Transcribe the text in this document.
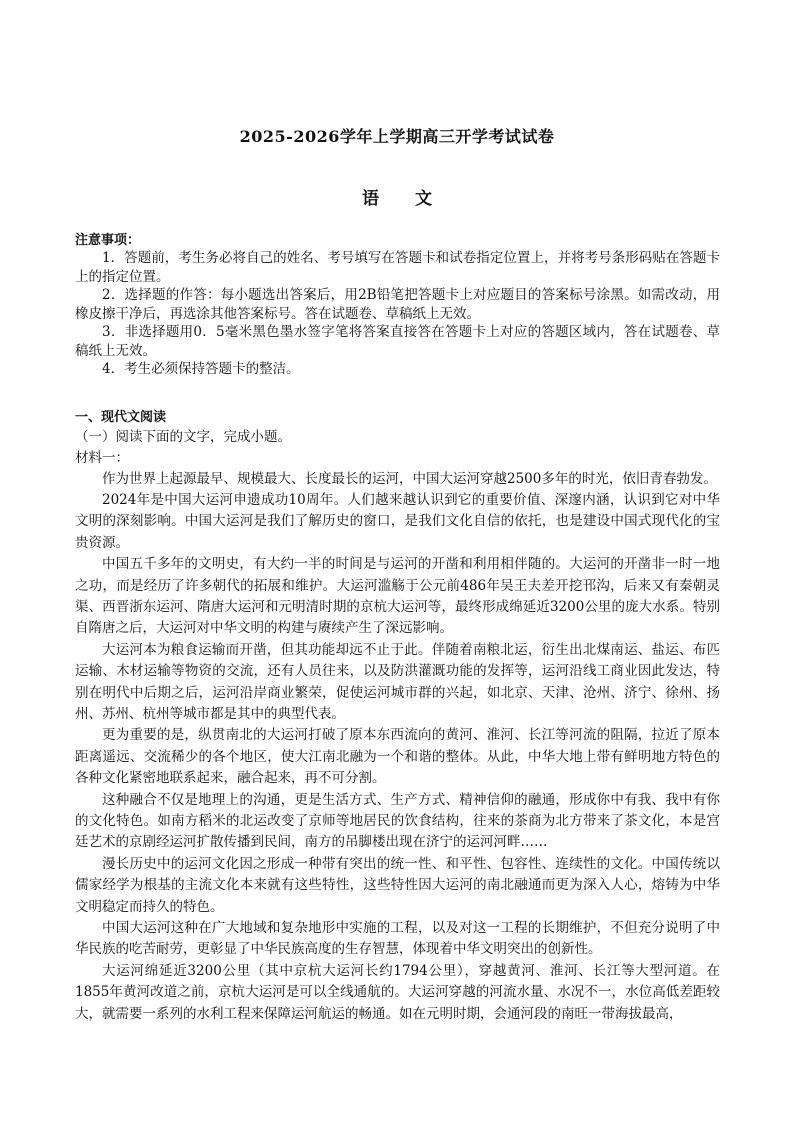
2025-2026学年上学期高三开学考试试卷
语文

注意事项：

1．答题前，考生务必将自己的姓名、考号填写在答题卡和试卷指定位置上，并将考号条形码贴在答题卡上的指定位置。

2．选择题的作答：每小题选出答案后，用2B铅笔把答题卡上对应题目的答案标号涂黑。如需改动，用橡皮擦干净后，再选涂其他答案标号。答在试题卷、草稿纸上无效。

3．非选择题用0．5毫米黑色墨水签字笔将答案直接答在答题卡上对应的答题区域内，答在试题卷、草稿纸上无效。

4．考生必须保持答题卡的整洁。

一、现代文阅读

（一）阅读下面的文字，完成小题。

材料一：

作为世界上起源最早、规模最大、长度最长的运河，中国大运河穿越2500多年的时光，依旧青春勃发。

2024年是中国大运河申遗成功10周年。人们越来越认识到它的重要价值、深邃内涵，认识到它对中华文明的深刻影响。中国大运河是我们了解历史的窗口，是我们文化自信的依托，也是建设中国式现代化的宝贵资源。

中国五千多年的文明史，有大约一半的时间是与运河的开凿和利用相伴随的。大运河的开凿非一时一地之功，而是经历了许多朝代的拓展和维护。大运河滥觞于公元前486年吴王夫差开挖邗沟，后来又有秦朝灵渠、西晋浙东运河、隋唐大运河和元明清时期的京杭大运河等，最终形成绵延近3200公里的庞大水系。特别自隋唐之后，大运河对中华文明的构建与赓续产生了深远影响。

大运河本为粮食运输而开凿，但其功能却远不止于此。伴随着南粮北运，衍生出北煤南运、盐运、布匹运输、木材运输等物资的交流，还有人员往来，以及防洪灌溉功能的发挥等，运河沿线工商业因此发达，特别在明代中后期之后，运河沿岸商业繁荣，促使运河城市群的兴起，如北京、天津、沧州、济宁、徐州、扬州、苏州、杭州等城市都是其中的典型代表。

更为重要的是，纵贯南北的大运河打破了原本东西流向的黄河、淮河、长江等河流的阻隔，拉近了原本距离遥远、交流稀少的各个地区，使大江南北融为一个和谐的整体。从此，中华大地上带有鲜明地方特色的各种文化紧密地联系起来，融合起来，再不可分割。

这种融合不仅是地理上的沟通，更是生活方式、生产方式、精神信仰的融通，形成你中有我、我中有你的文化特色。如南方稻米的北运改变了京师等地居民的饮食结构，往来的茶商为北方带来了茶文化，本是宫廷艺术的京剧经运河扩散传播到民间，南方的吊脚楼出现在济宁的运河河畔……

漫长历史中的运河文化因之形成一种带有突出的统一性、和平性、包容性、连续性的文化。中国传统以儒家经学为根基的主流文化本来就有这些特性，这些特性因大运河的南北融通而更为深入人心，熔铸为中华文明稳定而持久的特色。

中国大运河这种在广大地域和复杂地形中实施的工程，以及对这一工程的长期维护，不但充分说明了中华民族的吃苦耐劳，更彰显了中华民族高度的生存智慧，体现着中华文明突出的创新性。

大运河绵延近3200公里（其中京杭大运河长约1794公里），穿越黄河、淮河、长江等大型河道。在1855年黄河改道之前，京杭大运河是可以全线通航的。大运河穿越的河流水量、水况不一，水位高低差距较大，就需要一系列的水利工程来保障运河航运的畅通。如在元明时期，会通河段的南旺一带海拔最高，
